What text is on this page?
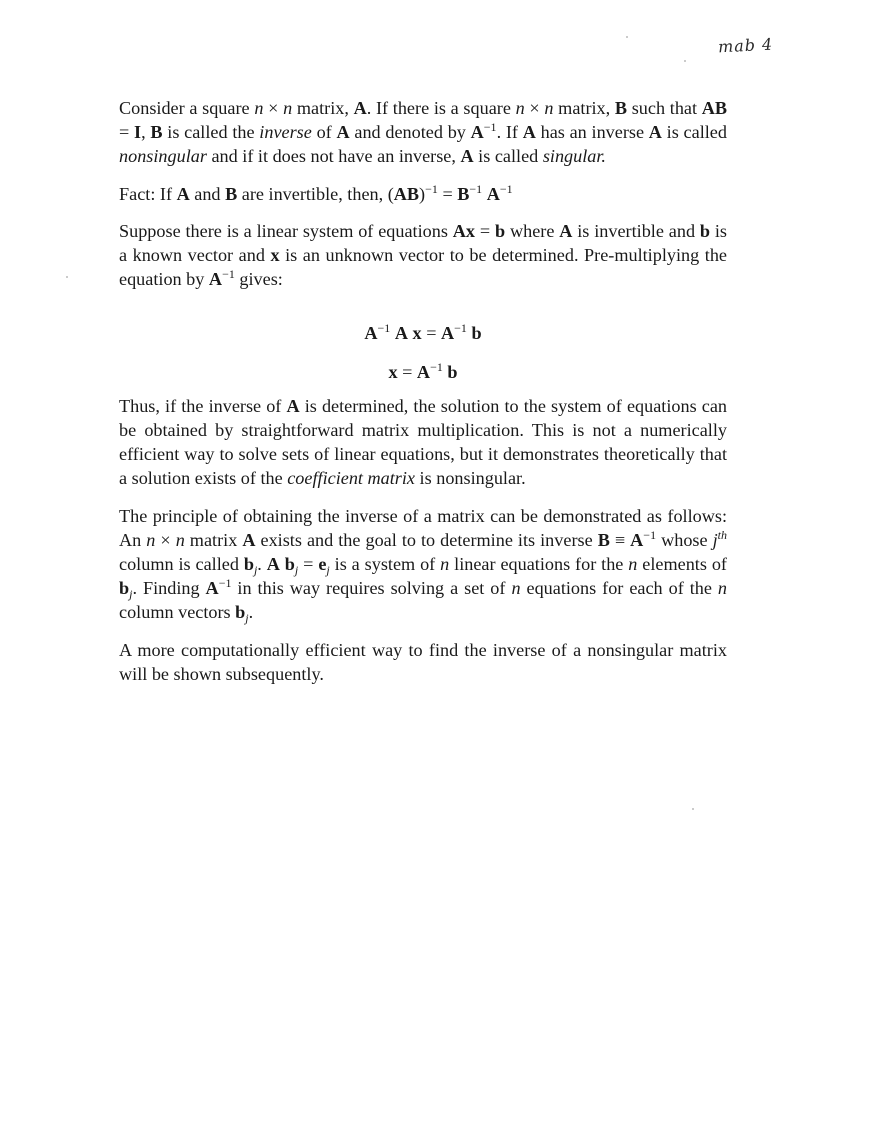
mab 4

Consider a square n × n matrix, A. If there is a square n × n matrix, B such that AB = I, B is called the inverse of A and denoted by $A^{-1}$. If A has an inverse A is called nonsingular and if it does not have an inverse, A is called singular.

Fact: If A and B are invertible, then, $(AB)^{-1} = B^{-1}$ $A^{-1}$

Suppose there is a linear system of equations Ax = b where A is invertible and b is a known vector and x is an unknown vector to be determined. Pre-multiplying the equation by $A^{-1}$ gives:

$A^{-1}$ A $x = A^{-1}$ b

$x = A^{-1}$ b

Thus, if the inverse of A is determined, the solution to the system of equations can be obtained by straightforward matrix multiplication. This is not a numerically efficient way to solve sets of linear equations, but it demonstrates theoretically that a solution exists of the coefficient matrix is nonsingular.

The principle of obtaining the inverse of a matrix can be demonstrated as follows: An n × n matrix A exists and the goal to to determine its inverse $B \equiv A^{-1}$ whose $j^{th}$ column is called $b_j$. A $b_j = e_j$ is a system of n linear equations for the n elements of $b_j$. Finding $A^{-1}$ in this way requires solving a set of n equations for each of the n column vectors $b_j$.

A more computationally efficient way to find the inverse of a nonsingular matrix will be shown subsequently.
